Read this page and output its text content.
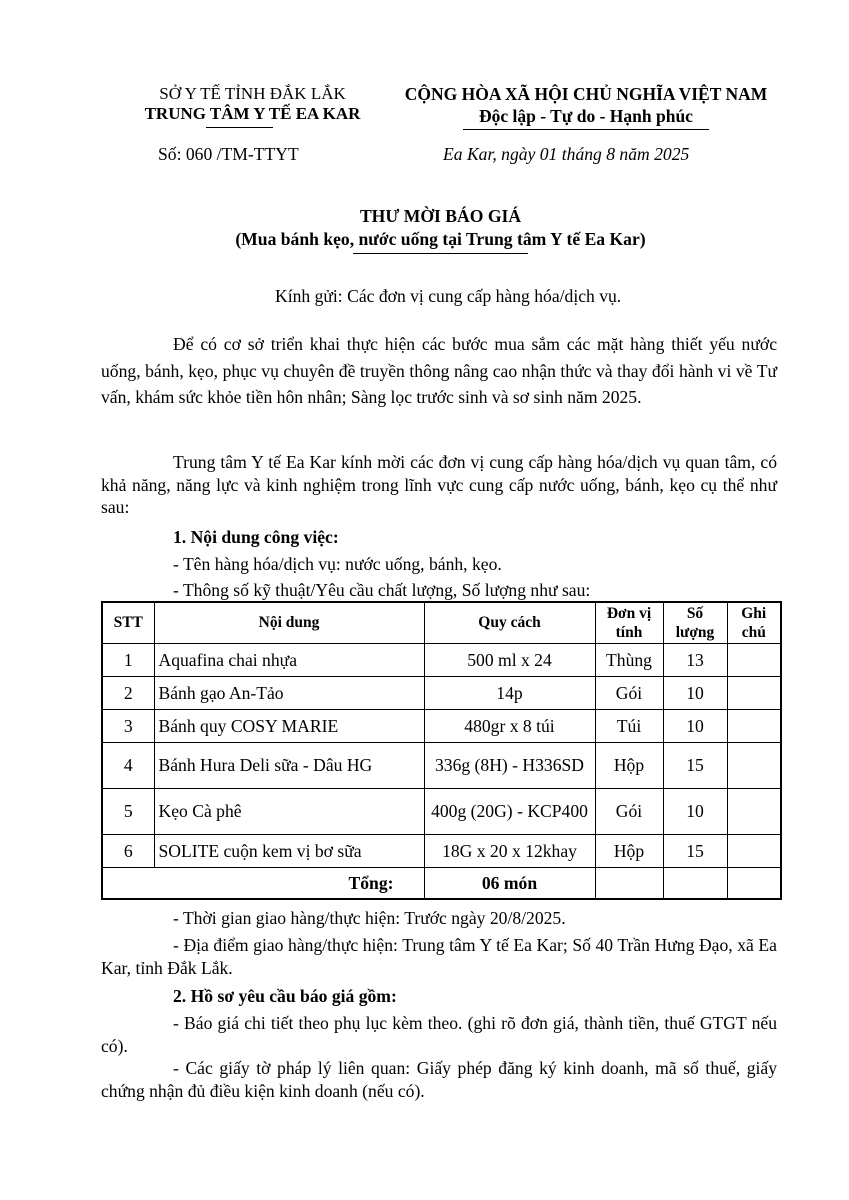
SỞ Y TẾ TỈNH ĐẮK LẮK
TRUNG TÂM Y TẾ EA KAR
CỘNG HÒA XÃ HỘI CHỦ NGHĨA VIỆT NAM
Độc lập - Tự do - Hạnh phúc
Số: 060 /TM-TTYT	Ea Kar, ngày 01 tháng 8 năm 2025
THƯ MỜI BÁO GIÁ
(Mua bánh kẹo, nước uống tại Trung tâm Y tế Ea Kar)
Kính gửi: Các đơn vị cung cấp hàng hóa/dịch vụ.
Để có cơ sở triển khai thực hiện các bước mua sắm các mặt hàng thiết yếu nước uống, bánh, kẹo, phục vụ chuyên đề truyền thông nâng cao nhận thức và thay đổi hành vi về Tư vấn, khám sức khỏe tiền hôn nhân; Sàng lọc trước sinh và sơ sinh năm 2025.
Trung tâm Y tế Ea Kar kính mời các đơn vị cung cấp hàng hóa/dịch vụ quan tâm, có khả năng, năng lực và kinh nghiệm trong lĩnh vực cung cấp nước uống, bánh, kẹo cụ thể như sau:
1. Nội dung công việc:
- Tên hàng hóa/dịch vụ: nước uống, bánh, kẹo.
- Thông số kỹ thuật/Yêu cầu chất lượng, Số lượng như sau:
STT	Nội dung	Quy cách	Đơn vị tính	Số lượng	Ghi chú
1	Aquafina chai nhựa	500 ml x 24	Thùng	13	
2	Bánh gạo An-Tảo	14p	Gói	10	
3	Bánh quy COSY MARIE	480gr x 8 túi	Túi	10	
4	Bánh Hura Deli sữa - Dâu HG	336g (8H) - H336SD	Hộp	15	
5	Kẹo Cà phê	400g (20G) - KCP400	Gói	10	
6	SOLITE cuộn kem vị bơ sữa	18G x 20 x 12khay	Hộp	15	
Tổng:		06 món			
- Thời gian giao hàng/thực hiện: Trước ngày 20/8/2025.
- Địa điểm giao hàng/thực hiện: Trung tâm Y tế Ea Kar; Số 40 Trần Hưng Đạo, xã Ea Kar, tỉnh Đắk Lắk.
2. Hồ sơ yêu cầu báo giá gồm:
- Báo giá chi tiết theo phụ lục kèm theo. (ghi rõ đơn giá, thành tiền, thuế GTGT nếu có).
- Các giấy tờ pháp lý liên quan: Giấy phép đăng ký kinh doanh, mã số thuế, giấy chứng nhận đủ điều kiện kinh doanh (nếu có).
